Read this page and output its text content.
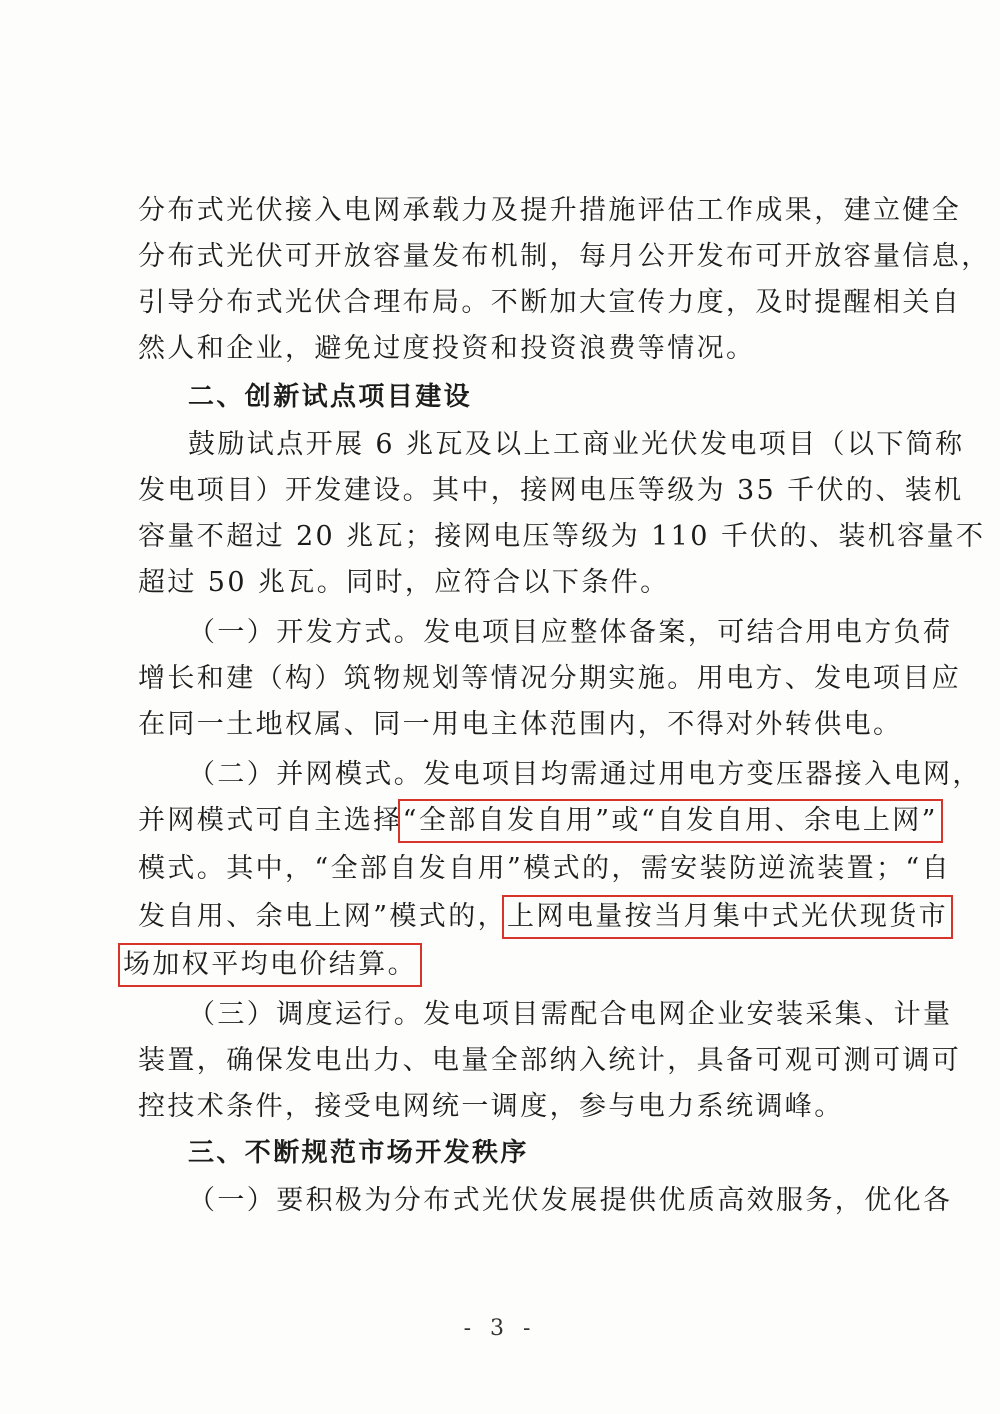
分布式光伏接入电网承载力及提升措施评估工作成果，建立健全
分布式光伏可开放容量发布机制，每月公开发布可开放容量信息，
引导分布式光伏合理布局。不断加大宣传力度，及时提醒相关自
然人和企业，避免过度投资和投资浪费等情况。
二、创新试点项目建设
鼓励试点开展 6 兆瓦及以上工商业光伏发电项目（以下简称
发电项目）开发建设。其中，接网电压等级为 35 千伏的、装机
容量不超过 20 兆瓦；接网电压等级为 110 千伏的、装机容量不
超过 50 兆瓦。同时，应符合以下条件。
（一）开发方式。发电项目应整体备案，可结合用电方负荷
增长和建（构）筑物规划等情况分期实施。用电方、发电项目应
在同一土地权属、同一用电主体范围内，不得对外转供电。
（二）并网模式。发电项目均需通过用电方变压器接入电网，
并网模式可自主选择“全部自发自用”或“自发自用、余电上网”
模式。其中，“全部自发自用”模式的，需安装防逆流装置；“自
发自用、余电上网”模式的，上网电量按当月集中式光伏现货市
场加权平均电价结算。
（三）调度运行。发电项目需配合电网企业安装采集、计量
装置，确保发电出力、电量全部纳入统计，具备可观可测可调可
控技术条件，接受电网统一调度，参与电力系统调峰。
三、不断规范市场开发秩序
（一）要积极为分布式光伏发展提供优质高效服务，优化各
- 3 -
